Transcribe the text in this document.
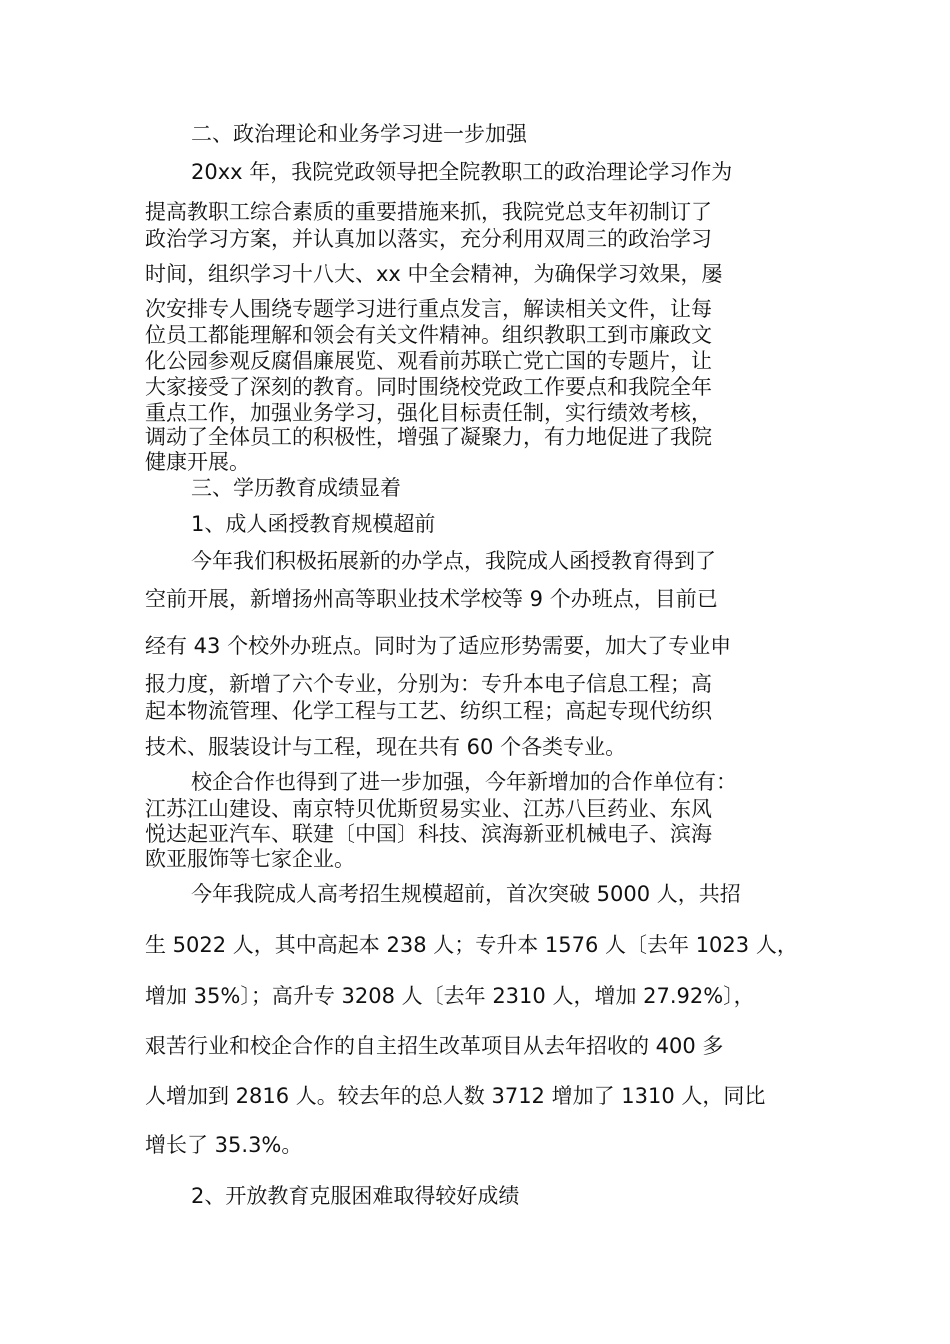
二、政治理论和业务学习进一步加强
20xx 年，我院党政领导把全院教职工的政治理论学习作为
提高教职工综合素质的重要措施来抓，我院党总支年初制订了
政治学习方案，并认真加以落实，充分利用双周三的政治学习
时间，组织学习十八大、xx 中全会精神，为确保学习效果，屡
次安排专人围绕专题学习进行重点发言，解读相关文件，让每
位员工都能理解和领会有关文件精神。组织教职工到市廉政文
化公园参观反腐倡廉展览、观看前苏联亡党亡国的专题片，让
大家接受了深刻的教育。同时围绕校党政工作要点和我院全年
重点工作，加强业务学习，强化目标责任制，实行绩效考核，
调动了全体员工的积极性，增强了凝聚力，有力地促进了我院
健康开展。
三、学历教育成绩显着
1、成人函授教育规模超前
今年我们积极拓展新的办学点，我院成人函授教育得到了
空前开展，新增扬州高等职业技术学校等 9 个办班点，目前已
经有 43 个校外办班点。同时为了适应形势需要，加大了专业申
报力度，新增了六个专业，分别为：专升本电子信息工程；高
起本物流管理、化学工程与工艺、纺织工程；高起专现代纺织
技术、服装设计与工程，现在共有 60 个各类专业。
校企合作也得到了进一步加强，今年新增加的合作单位有：
江苏江山建设、南京特贝优斯贸易实业、江苏八巨药业、东风
悦达起亚汽车、联建〔中国〕科技、滨海新亚机械电子、滨海
欧亚服饰等七家企业。
今年我院成人高考招生规模超前，首次突破 5000 人，共招
生 5022 人，其中高起本 238 人；专升本 1576 人〔去年 1023 人，
增加 35%〕；高升专 3208 人〔去年 2310 人，增加 27.92%〕，
艰苦行业和校企合作的自主招生改革项目从去年招收的 400 多
人增加到 2816 人。较去年的总人数 3712 增加了 1310 人，同比
增长了 35.3%。
2、开放教育克服困难取得较好成绩
